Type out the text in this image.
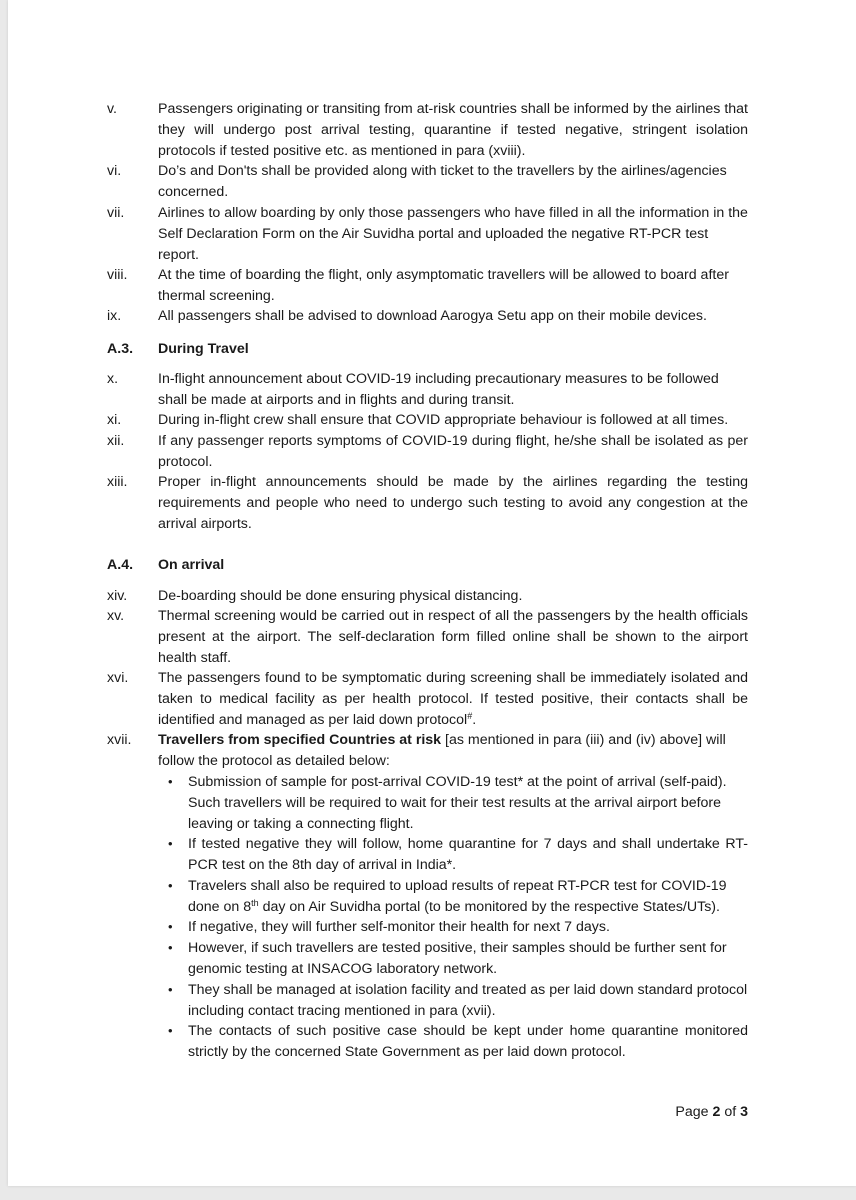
v.	Passengers originating or transiting from at-risk countries shall be informed by the airlines that they will undergo post arrival testing, quarantine if tested negative, stringent isolation protocols if tested positive etc. as mentioned in para (xviii).
vi.	Do’s and Don'ts shall be provided along with ticket to the travellers by the airlines/agencies concerned.
vii. Airlines to allow boarding by only those passengers who have filled in all the information in the Self Declaration Form on the Air Suvidha portal and uploaded the negative RT-PCR test report.
viii. At the time of boarding the flight, only asymptomatic travellers will be allowed to board after thermal screening.
ix.	All passengers shall be advised to download Aarogya Setu app on their mobile devices.
A.3. During Travel
x.	In-flight announcement about COVID-19 including precautionary measures to be followed shall be made at airports and in flights and during transit.
xi.	During in-flight crew shall ensure that COVID appropriate behaviour is followed at all times.
xii. If any passenger reports symptoms of COVID-19 during flight, he/she shall be isolated as per protocol.
xiii. Proper in-flight announcements should be made by the airlines regarding the testing requirements and people who need to undergo such testing to avoid any congestion at the arrival airports.
A.4. On arrival
xiv. De-boarding should be done ensuring physical distancing.
xv. Thermal screening would be carried out in respect of all the passengers by the health officials present at the airport. The self-declaration form filled online shall be shown to the airport health staff.
xvi. The passengers found to be symptomatic during screening shall be immediately isolated and taken to medical facility as per health protocol. If tested positive, their contacts shall be identified and managed as per laid down protocol#.
xvii. Travellers from specified Countries at risk [as mentioned in para (iii) and (iv) above] will follow the protocol as detailed below:
• Submission of sample for post-arrival COVID-19 test* at the point of arrival (self-paid). Such travellers will be required to wait for their test results at the arrival airport before leaving or taking a connecting flight.
• If tested negative they will follow, home quarantine for 7 days and shall undertake RT-PCR test on the 8th day of arrival in India*.
• Travelers shall also be required to upload results of repeat RT-PCR test for COVID-19 done on 8th day on Air Suvidha portal (to be monitored by the respective States/UTs).
• If negative, they will further self-monitor their health for next 7 days.
• However, if such travellers are tested positive, their samples should be further sent for genomic testing at INSACOG laboratory network.
• They shall be managed at isolation facility and treated as per laid down standard protocol including contact tracing mentioned in para (xvii).
• The contacts of such positive case should be kept under home quarantine monitored strictly by the concerned State Government as per laid down protocol.
Page 2 of 3
